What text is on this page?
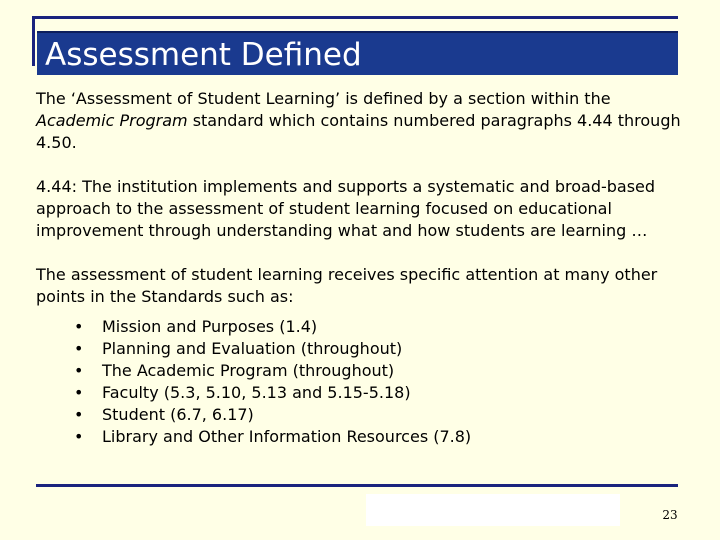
Assessment Defined

The ‘Assessment of Student Learning’ is defined by a section within the Academic Program standard which contains numbered paragraphs 4.44 through 4.50.

4.44: The institution implements and supports a systematic and broad-based approach to the assessment of student learning focused on educational improvement through understanding what and how students are learning …

The assessment of student learning receives specific attention at many other points in the Standards such as:

• Mission and Purposes (1.4)
• Planning and Evaluation (throughout)
• The Academic Program (throughout)
• Faculty (5.3, 5.10, 5.13 and 5.15-5.18)
• Student (6.7, 6.17)
• Library and Other Information Resources (7.8)
23
